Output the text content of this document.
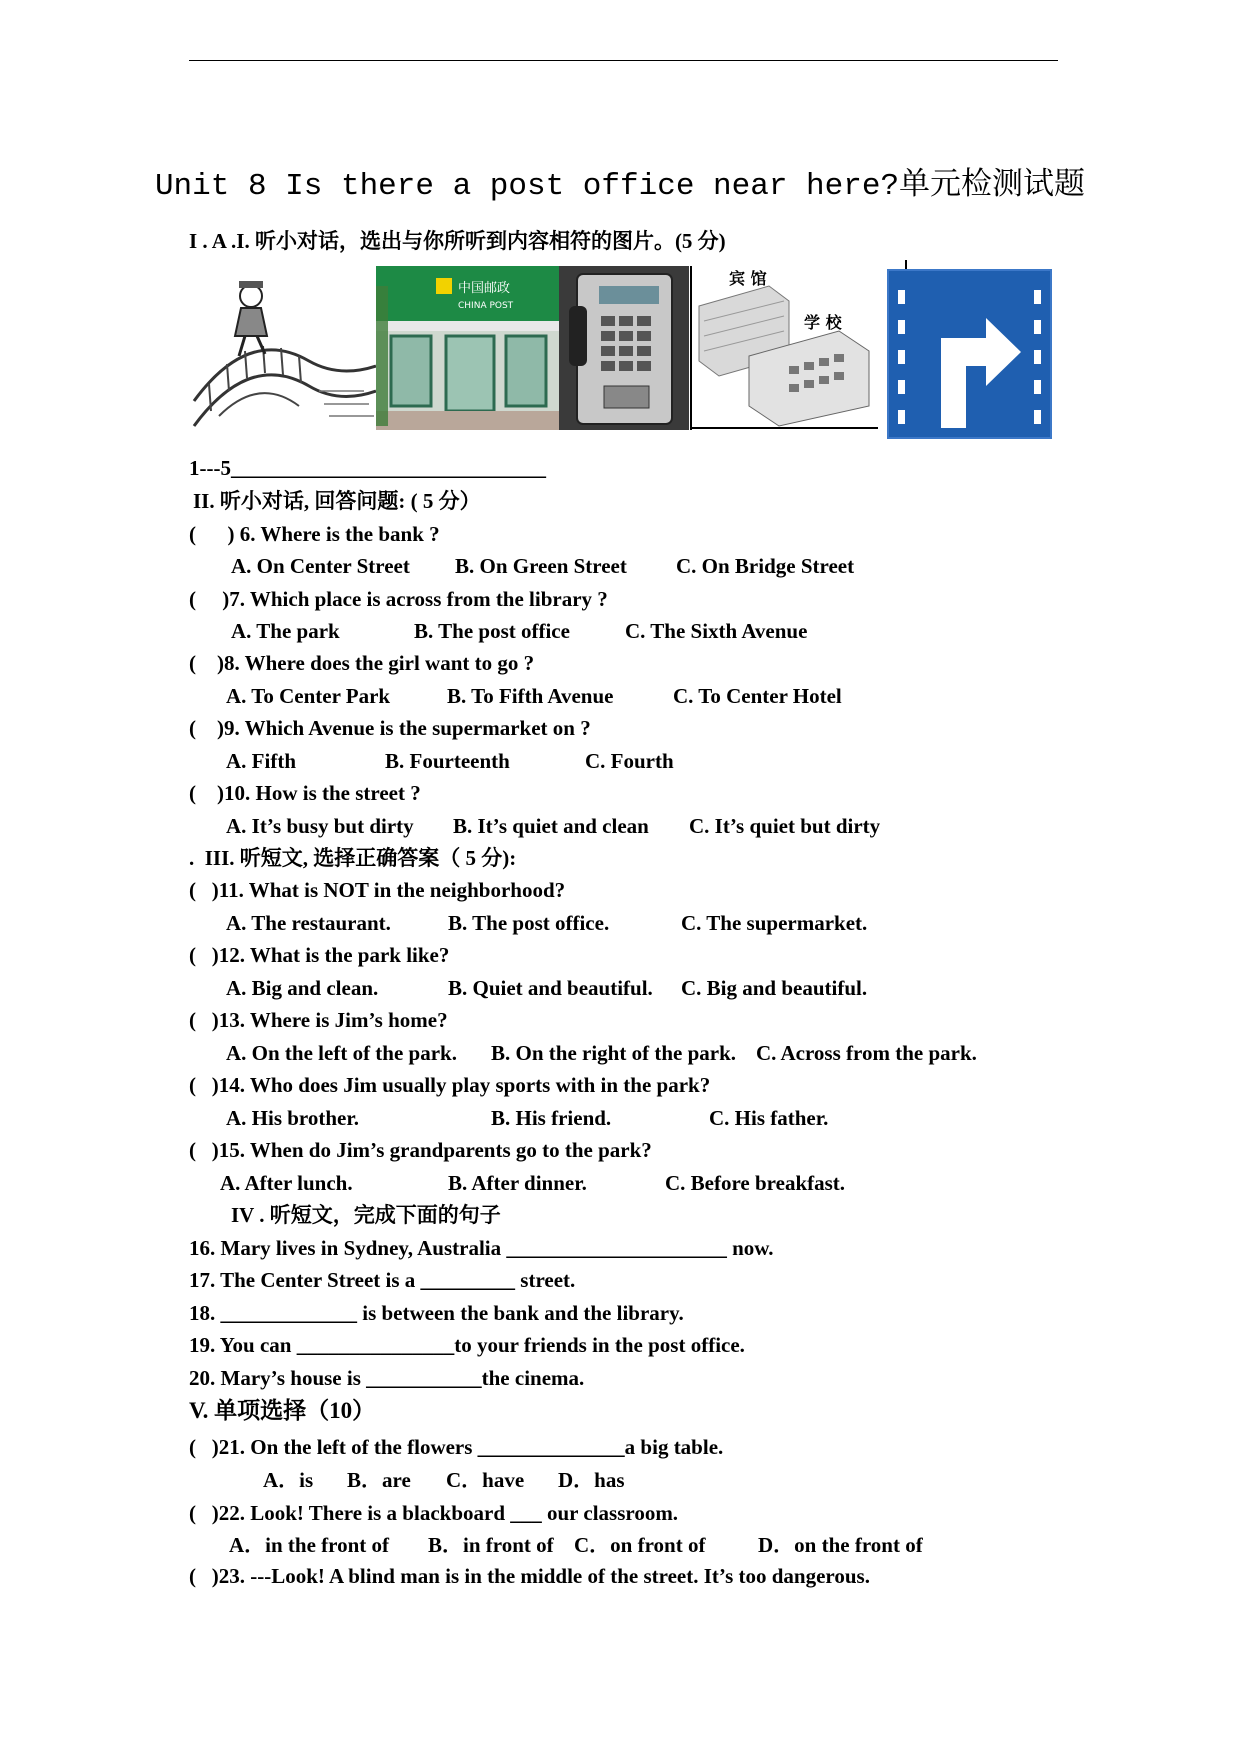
Unit 8 Is there a post office near here?单元检测试题
I . A .I. 听小对话，选出与你所听到内容相符的图片。(5 分)
中国邮政
CHINA POST
宾 馆
学 校
1---5______________________________
II. 听小对话, 回答问题: ( 5 分）
(      ) 6. Where is the bank ?
A. On Center Street B. On Green Street C. On Bridge Street
(     )7. Which place is across from the library ?
A. The park	B. The post office	C. The Sixth Avenue
(    )8. Where does the girl want to go ?
A. To Center Park	B. To Fifth Avenue	C. To Center Hotel
(    )9. Which Avenue is the supermarket on ?
A. Fifth	B. Fourteenth	C. Fourth
(    )10. How is the street ?
A. It’s busy but dirty B. It’s quiet and clean C. It’s quiet but dirty
.  III. 听短文, 选择正确答案（ 5 分):
(   )11. What is NOT in the neighborhood?
A. The restaurant.	B. The post office.	C. The supermarket.
(   )12. What is the park like?
A. Big and clean.	B. Quiet and beautiful. C. Big and beautiful.
(   )13. Where is Jim’s home?
A. On the left of the park. B. On the right of the park. C. Across from the park.
(   )14. Who does Jim usually play sports with in the park?
A. His brother.	B. His friend.	C. His father.
(   )15. When do Jim’s grandparents go to the park?
A. After lunch.	B. After dinner.	C. Before breakfast.
IV . 听短文，完成下面的句子
16. Mary lives in Sydney, Australia _____________________ now.
17. The Center Street is a _________ street.
18. _____________ is between the bank and the library.
19. You can _______________to your friends in the post office.
20. Mary’s house is ___________the cinema.
V. 单项选择（10）
(   )21. On the left of the flowers ______________a big table.
A．is B．are C．have D．has
(   )22. Look! There is a blackboard ___ our classroom.
A．in the front of B．in front of C．on front of	D．on the front of
(   )23. ---Look! A blind man is in the middle of the street. It’s too dangerous.
